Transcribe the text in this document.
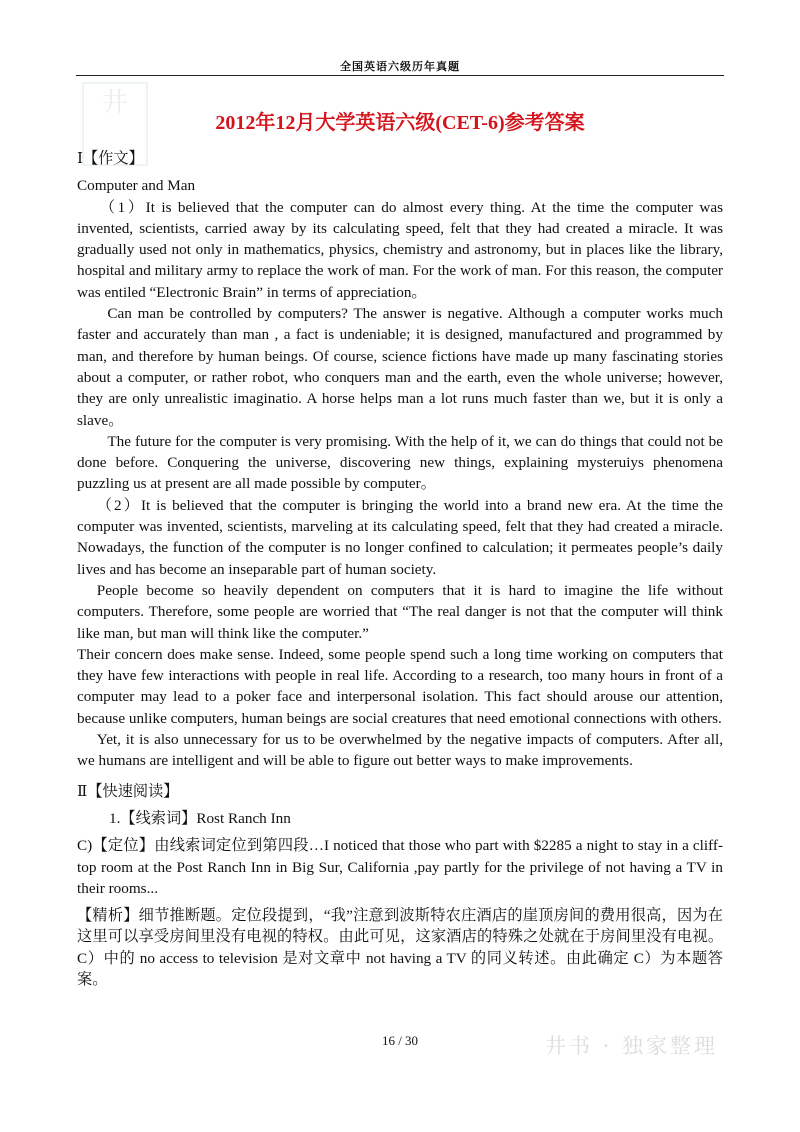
全国英语六级历年真题
井
井书 · 独家整理
2012年12月大学英语六级(CET-6)参考答案

Ⅰ【作文】

Computer and Man

（1）It is believed that the computer can do almost every thing. At the time the computer was invented, scientists, carried away by its calculating speed, felt that they had created a miracle. It was gradually used not only in mathematics, physics, chemistry and astronomy, but in places like the library, hospital and military army to replace the work of man. For the work of man. For this reason, the computer was entiled “Electronic Brain” in terms of appreciation。

Can man be controlled by computers? The answer is negative. Although a computer works much faster and accurately than man , a fact is undeniable; it is designed, manufactured and programmed by man, and therefore by human beings. Of course, science fictions have made up many fascinating stories about a computer, or rather robot, who conquers man and the earth, even the whole universe; however, they are only unrealistic imaginatio. A horse helps man a lot runs much faster than we, but it is only a slave。

The future for the computer is very promising. With the help of it, we can do things that could not be done before. Conquering the universe, discovering new things, explaining mysteruiys phenomena puzzling us at present are all made possible by computer。

（2）It is believed that the computer is bringing the world into a brand new era. At the time the computer was invented, scientists, marveling at its calculating speed, felt that they had created a miracle. Nowadays, the function of the computer is no longer confined to calculation; it permeates people’s daily lives and has become an inseparable part of human society.

People become so heavily dependent on computers that it is hard to imagine the life without computers. Therefore, some people are worried that “The real danger is not that the computer will think like man, but man will think like the computer.”

Their concern does make sense. Indeed, some people spend such a long time working on computers that they have few interactions with people in real life. According to a research, too many hours in front of a computer may lead to a poker face and interpersonal isolation. This fact should arouse our attention, because unlike computers, human beings are social creatures that need emotional connections with others.

Yet, it is also unnecessary for us to be overwhelmed by the negative impacts of computers. After all, we humans are intelligent and will be able to figure out better ways to make improvements.

Ⅱ【快速阅读】

1.【线索词】Rost Ranch Inn

C)【定位】由线索词定位到第四段…I noticed that those who part with $2285 a night to stay in a cliff-top room at the Post Ranch Inn in Big Sur, California ,pay partly for the privilege of not having a TV in their rooms...

【精析】细节推断题。定位段提到，“我”注意到波斯特农庄酒店的崖顶房间的费用很高，因为在这里可以享受房间里没有电视的特权。由此可见，这家酒店的特殊之处就在于房间里没有电视。C）中的 no access to television 是对文章中 not having a TV 的同义转述。由此确定 C）为本题答案。

16 / 30
